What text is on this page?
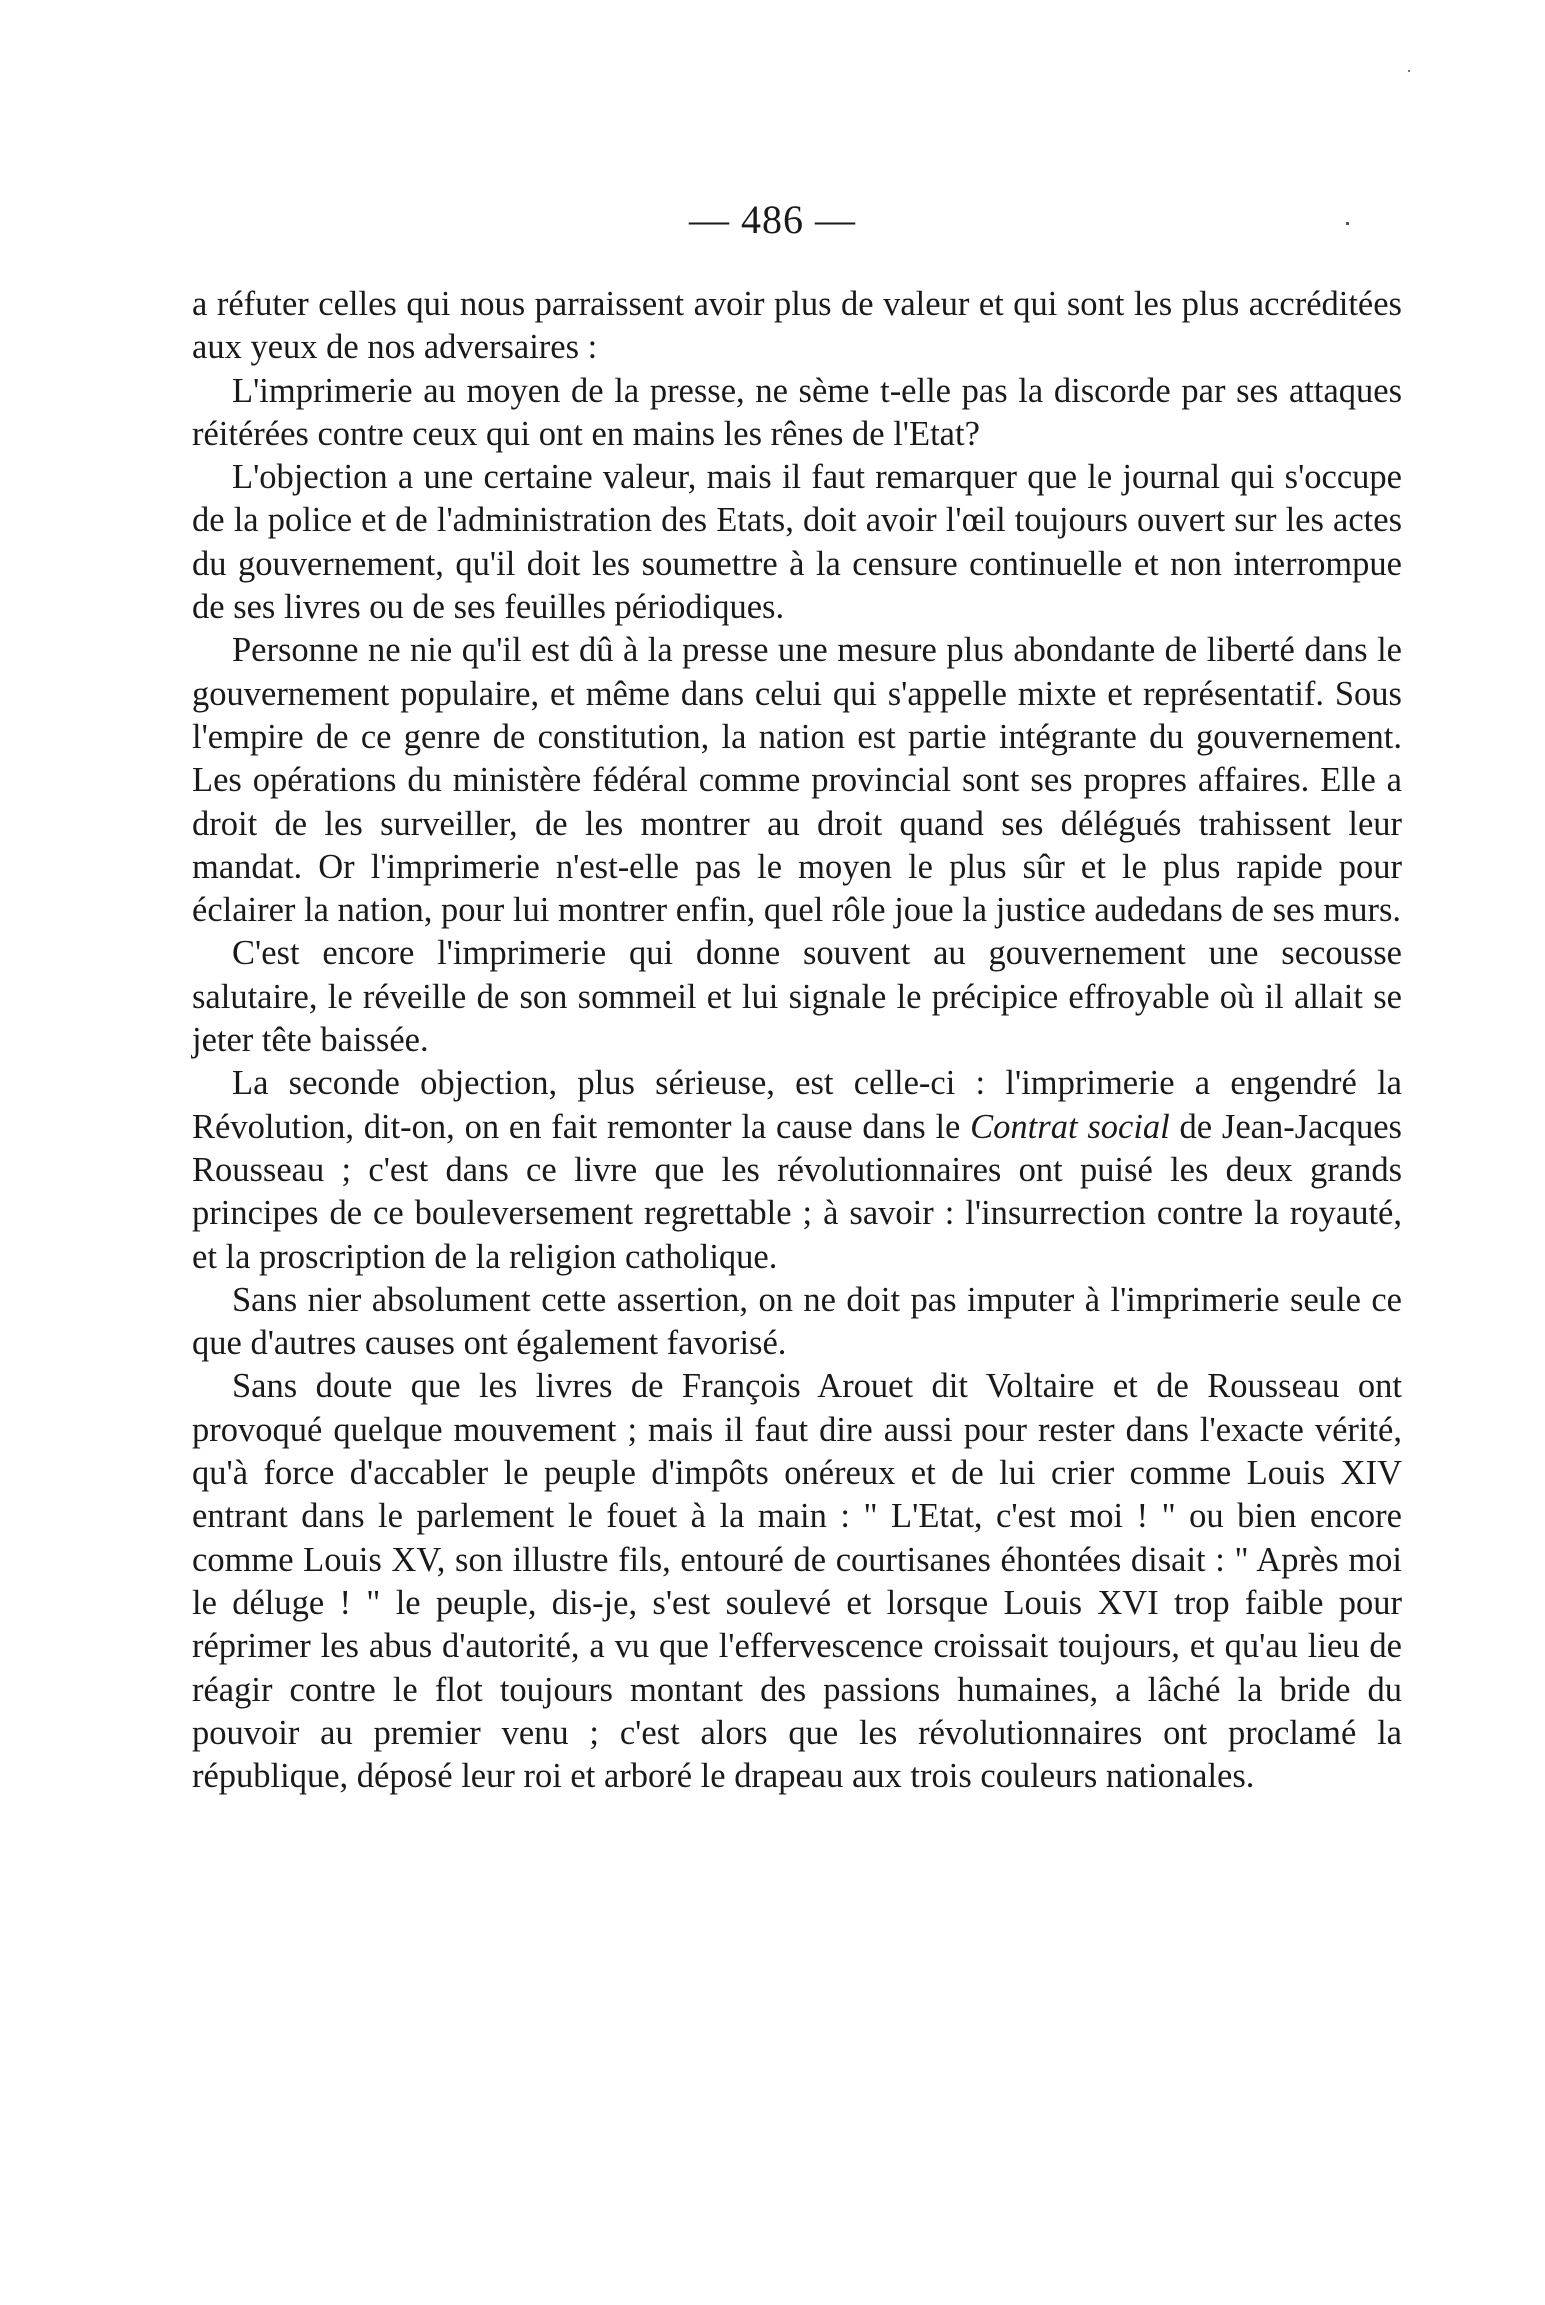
— 486 —

a réfuter celles qui nous parraissent avoir plus de valeur et qui sont les plus accréditées aux yeux de nos adversaires :

L'imprimerie au moyen de la presse, ne sème t-elle pas la discorde par ses attaques réitérées contre ceux qui ont en mains les rênes de l'Etat?

L'objection a une certaine valeur, mais il faut remarquer que le journal qui s'occupe de la police et de l'administration des Etats, doit avoir l'œil toujours ouvert sur les actes du gouvernement, qu'il doit les soumettre à la censure continuelle et non interrompue de ses livres ou de ses feuilles périodiques.

Personne ne nie qu'il est dû à la presse une mesure plus abondante de liberté dans le gouvernement populaire, et même dans celui qui s'appelle mixte et représentatif. Sous l'empire de ce genre de constitution, la nation est partie intégrante du gouvernement. Les opérations du ministère fédéral comme provincial sont ses propres affaires. Elle a droit de les surveiller, de les montrer au droit quand ses délégués trahissent leur mandat. Or l'imprimerie n'est-elle pas le moyen le plus sûr et le plus rapide pour éclairer la nation, pour lui montrer enfin, quel rôle joue la justice audedans de ses murs.

C'est encore l'imprimerie qui donne souvent au gouvernement une secousse salutaire, le réveille de son sommeil et lui signale le précipice effroyable où il allait se jeter tête baissée.

La seconde objection, plus sérieuse, est celle-ci : l'imprimerie a engendré la Révolution, dit-on, on en fait remonter la cause dans le Contrat social de Jean-Jacques Rousseau ; c'est dans ce livre que les révolutionnaires ont puisé les deux grands principes de ce bouleversement regrettable ; à savoir : l'insurrection contre la royauté, et la proscription de la religion catholique.

Sans nier absolument cette assertion, on ne doit pas imputer à l'imprimerie seule ce que d'autres causes ont également favorisé.

Sans doute que les livres de François Arouet dit Voltaire et de Rousseau ont provoqué quelque mouvement ; mais il faut dire aussi pour rester dans l'exacte vérité, qu'à force d'accabler le peuple d'impôts onéreux et de lui crier comme Louis XIV entrant dans le parlement le fouet à la main : " L'Etat, c'est moi ! " ou bien encore comme Louis XV, son illustre fils, entouré de courtisanes éhontées disait : " Après moi le déluge ! " le peuple, dis-je, s'est soulevé et lorsque Louis XVI trop faible pour réprimer les abus d'autorité, a vu que l'effervescence croissait toujours, et qu'au lieu de réagir contre le flot toujours montant des passions humaines, a lâché la bride du pouvoir au premier venu ; c'est alors que les révolutionnaires ont proclamé la république, déposé leur roi et arboré le drapeau aux trois couleurs nationales.
